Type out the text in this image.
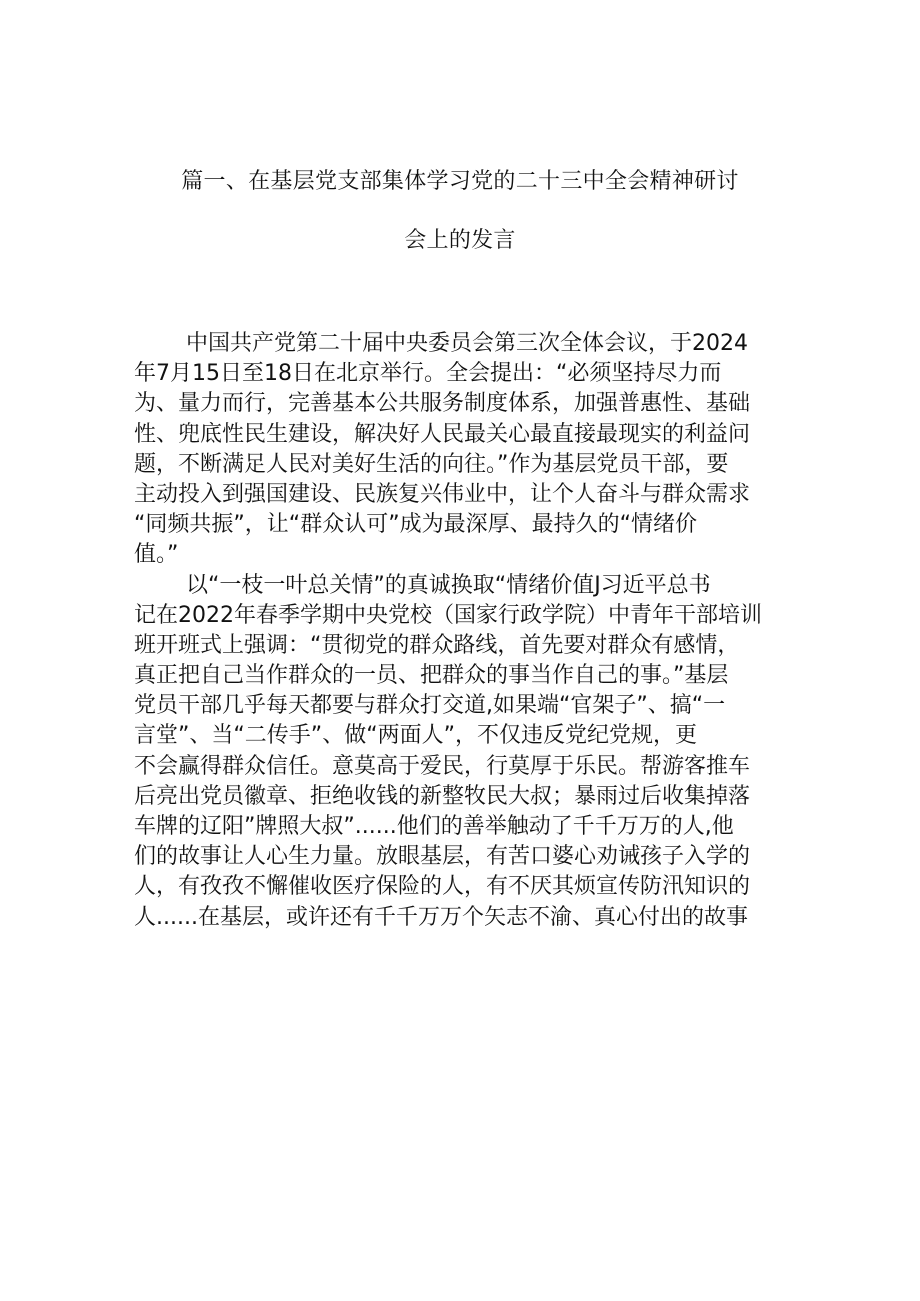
篇一、在基层党支部集体学习党的二十三中全会精神研讨
会上的发言
中国共产党第二十届中央委员会第三次全体会议，于2024
年7月15日至18日在北京举行。全会提出：“必须坚持尽力而
为、量力而行，完善基本公共服务制度体系，加强普惠性、基础
性、兜底性民生建设，解决好人民最关心最直接最现实的利益问
题，不断满足人民对美好生活的向往。”作为基层党员干部，要
主动投入到强国建设、民族复兴伟业中，让个人奋斗与群众需求
“同频共振”，让“群众认可”成为最深厚、最持久的“情绪价
值。”
以“一枝一叶总关情”的真诚换取“情绪价值J习近平总书
记在2022年春季学期中央党校（国家行政学院）中青年干部培训
班开班式上强调：“贯彻党的群众路线，首先要对群众有感情，
真正把自己当作群众的一员、把群众的事当作自己的事。”基层
党员干部几乎每天都要与群众打交道,如果端“官架子”、搞“一
言堂”、当“二传手”、做“两面人”，不仅违反党纪党规，更
不会赢得群众信任。意莫高于爱民，行莫厚于乐民。帮游客推车
后亮出党员徽章、拒绝收钱的新整牧民大叔；暴雨过后收集掉落
车牌的辽阳”牌照大叔”......他们的善举触动了千千万万的人,他
们的故事让人心生力量。放眼基层，有苦口婆心劝诫孩子入学的
人，有孜孜不懈催收医疗保险的人，有不厌其烦宣传防汛知识的
人......在基层，或许还有千千万万个矢志不渝、真心付出的故事
